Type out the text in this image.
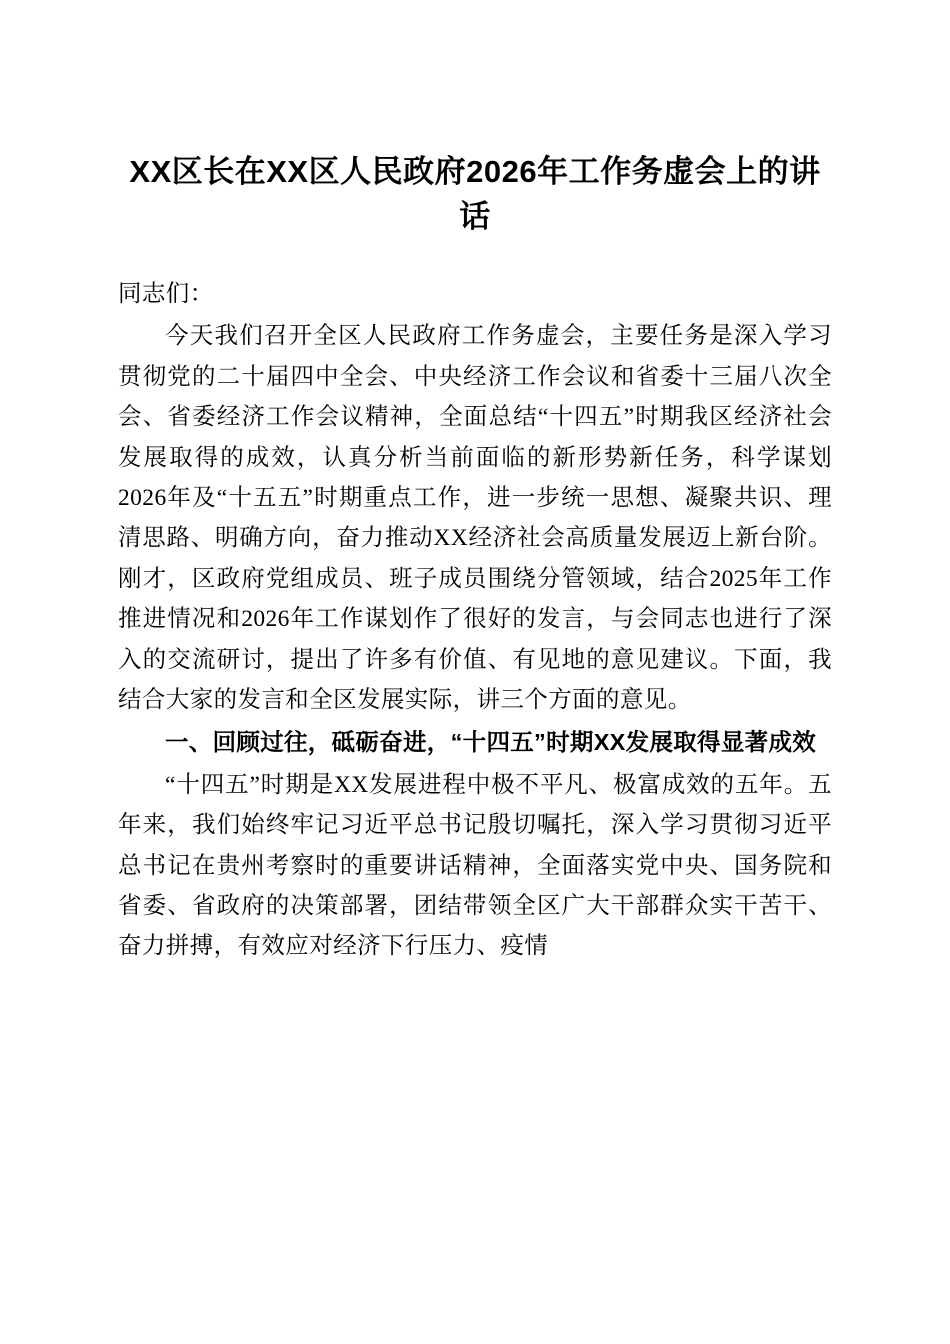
XX区长在XX区人民政府2026年工作务虚会上的讲话

同志们：

今天我们召开全区人民政府工作务虚会，主要任务是深入学习贯彻党的二十届四中全会、中央经济工作会议和省委十三届八次全会、省委经济工作会议精神，全面总结“十四五”时期我区经济社会发展取得的成效，认真分析当前面临的新形势新任务，科学谋划2026年及“十五五”时期重点工作，进一步统一思想、凝聚共识、理清思路、明确方向，奋力推动XX经济社会高质量发展迈上新台阶。刚才，区政府党组成员、班子成员围绕分管领域，结合2025年工作推进情况和2026年工作谋划作了很好的发言，与会同志也进行了深入的交流研讨，提出了许多有价值、有见地的意见建议。下面，我结合大家的发言和全区发展实际，讲三个方面的意见。

一、回顾过往，砥砺奋进，“十四五”时期XX发展取得显著成效

“十四五”时期是XX发展进程中极不平凡、极富成效的五年。五年来，我们始终牢记习近平总书记殷切嘱托，深入学习贯彻习近平总书记在贵州考察时的重要讲话精神，全面落实党中央、国务院和省委、省政府的决策部署，团结带领全区广大干部群众实干苦干、奋力拼搏，有效应对经济下行压力、疫情
